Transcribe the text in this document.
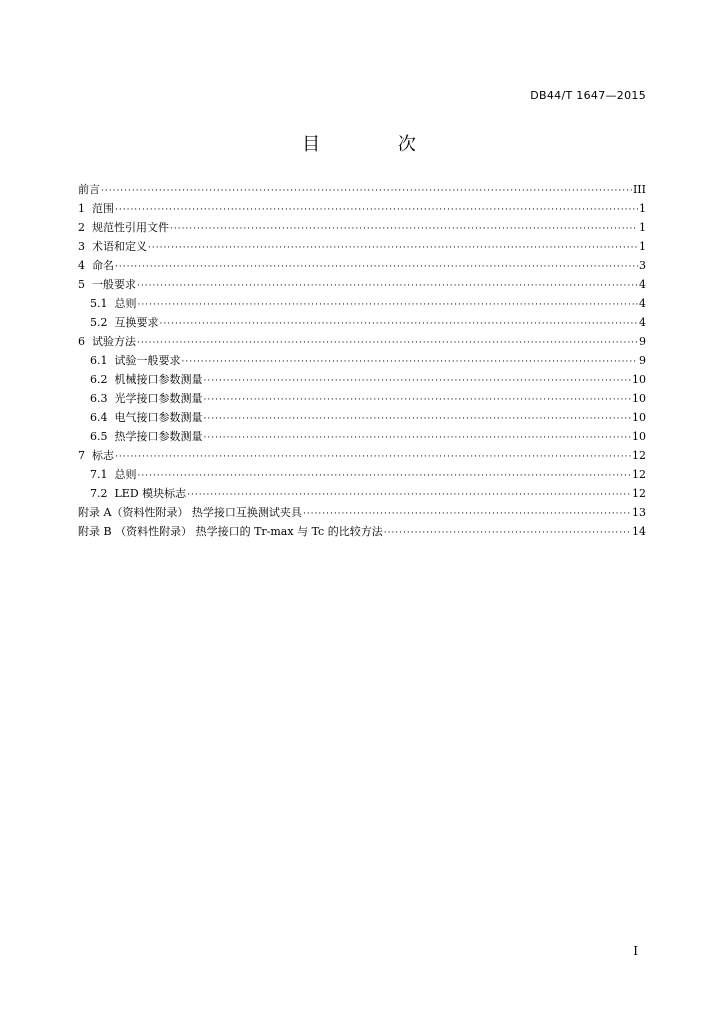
DB44/T 1647—2015
目 次
前言 ·····	III
1  范围 ·····	1
2  规范性引用文件 ·····	1
3  术语和定义 ·····	1
4  命名 ·····	3
5  一般要求 ·····	4
5.1  总则 ·····	4
5.2  互换要求 ·····	4
6  试验方法 ·····	9
6.1  试验一般要求 ·····	9
6.2  机械接口参数测量 ·····	10
6.3  光学接口参数测量 ·····	10
6.4  电气接口参数测量 ·····	10
6.5  热学接口参数测量 ·····	10
7  标志 ·····	12
7.1  总则 ·····	12
7.2  LED 模块标志 ·····	12
附录 A（资料性附录） 热学接口互换测试夹具 ·····	13
附录 B （资料性附录） 热学接口的 Tr-max 与 Tc 的比较方法 ·····	14
I
